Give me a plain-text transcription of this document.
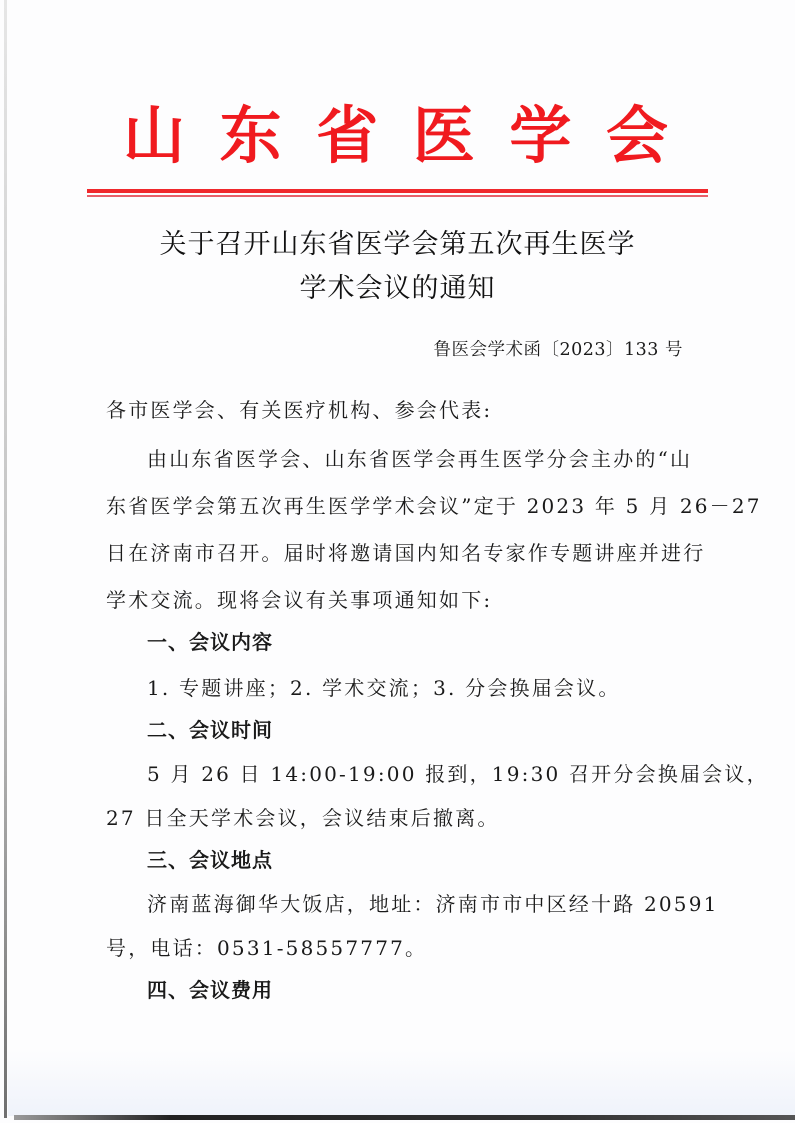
山 东 省 医 学 会
关于召开山东省医学会第五次再生医学
学术会议的通知
鲁医会学术函〔2023〕133 号
各市医学会、有关医疗机构、参会代表:
由山东省医学会、山东省医学会再生医学分会主办的“山
东省医学会第五次再生医学学术会议”定于 2023 年 5 月 26－27
日在济南市召开。届时将邀请国内知名专家作专题讲座并进行
学术交流。现将会议有关事项通知如下:
一、会议内容
1. 专题讲座；2. 学术交流；3. 分会换届会议。
二、会议时间
5 月 26 日 14:00-19:00 报到，19:30 召开分会换届会议，
27 日全天学术会议，会议结束后撤离。
三、会议地点
济南蓝海御华大饭店，地址：济南市市中区经十路 20591
号，电话：0531-58557777。
四、会议费用
